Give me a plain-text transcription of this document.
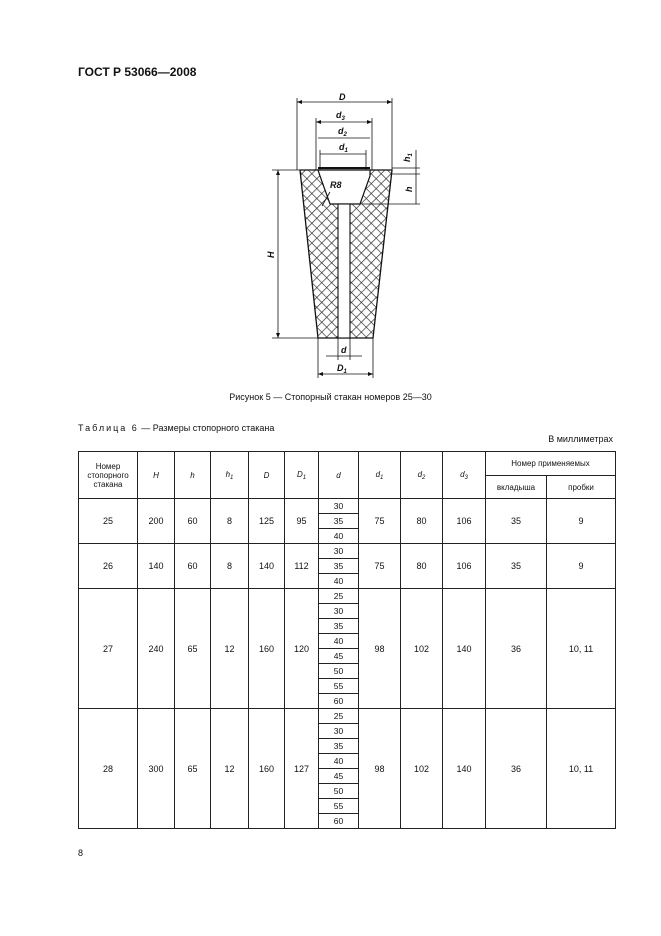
ГОСТ Р 53066—2008
D
$d_3$
$d_2$
$d_1$
$h_1$
h
R8
H
d
$D_1$
Рисунок 5 — Стопорный стакан номеров 25—30
Таблица 6 — Размеры стопорного стакана
В миллиметрах
Номер стопорного стакана	H	h	$h_1$	D	$D_1$	d	$d_1$	$d_2$	$d_3$	Номер применяемых	
										вкладыша	пробки
25	200	60	8	125	95	30	75	80	106	35	9
						35					
						40					
26	140	60	8	140	112	30	75	80	106	35	9
						35					
						40					
27	240	65	12	160	120	25	98	102	140	36	10, 11
						30					
						35					
						40					
						45					
						50					
						55					
						60					
28	300	65	12	160	127	25	98	102	140	36	10, 11
						30					
						35					
						40					
						45					
						50					
						55					
						60					
8
